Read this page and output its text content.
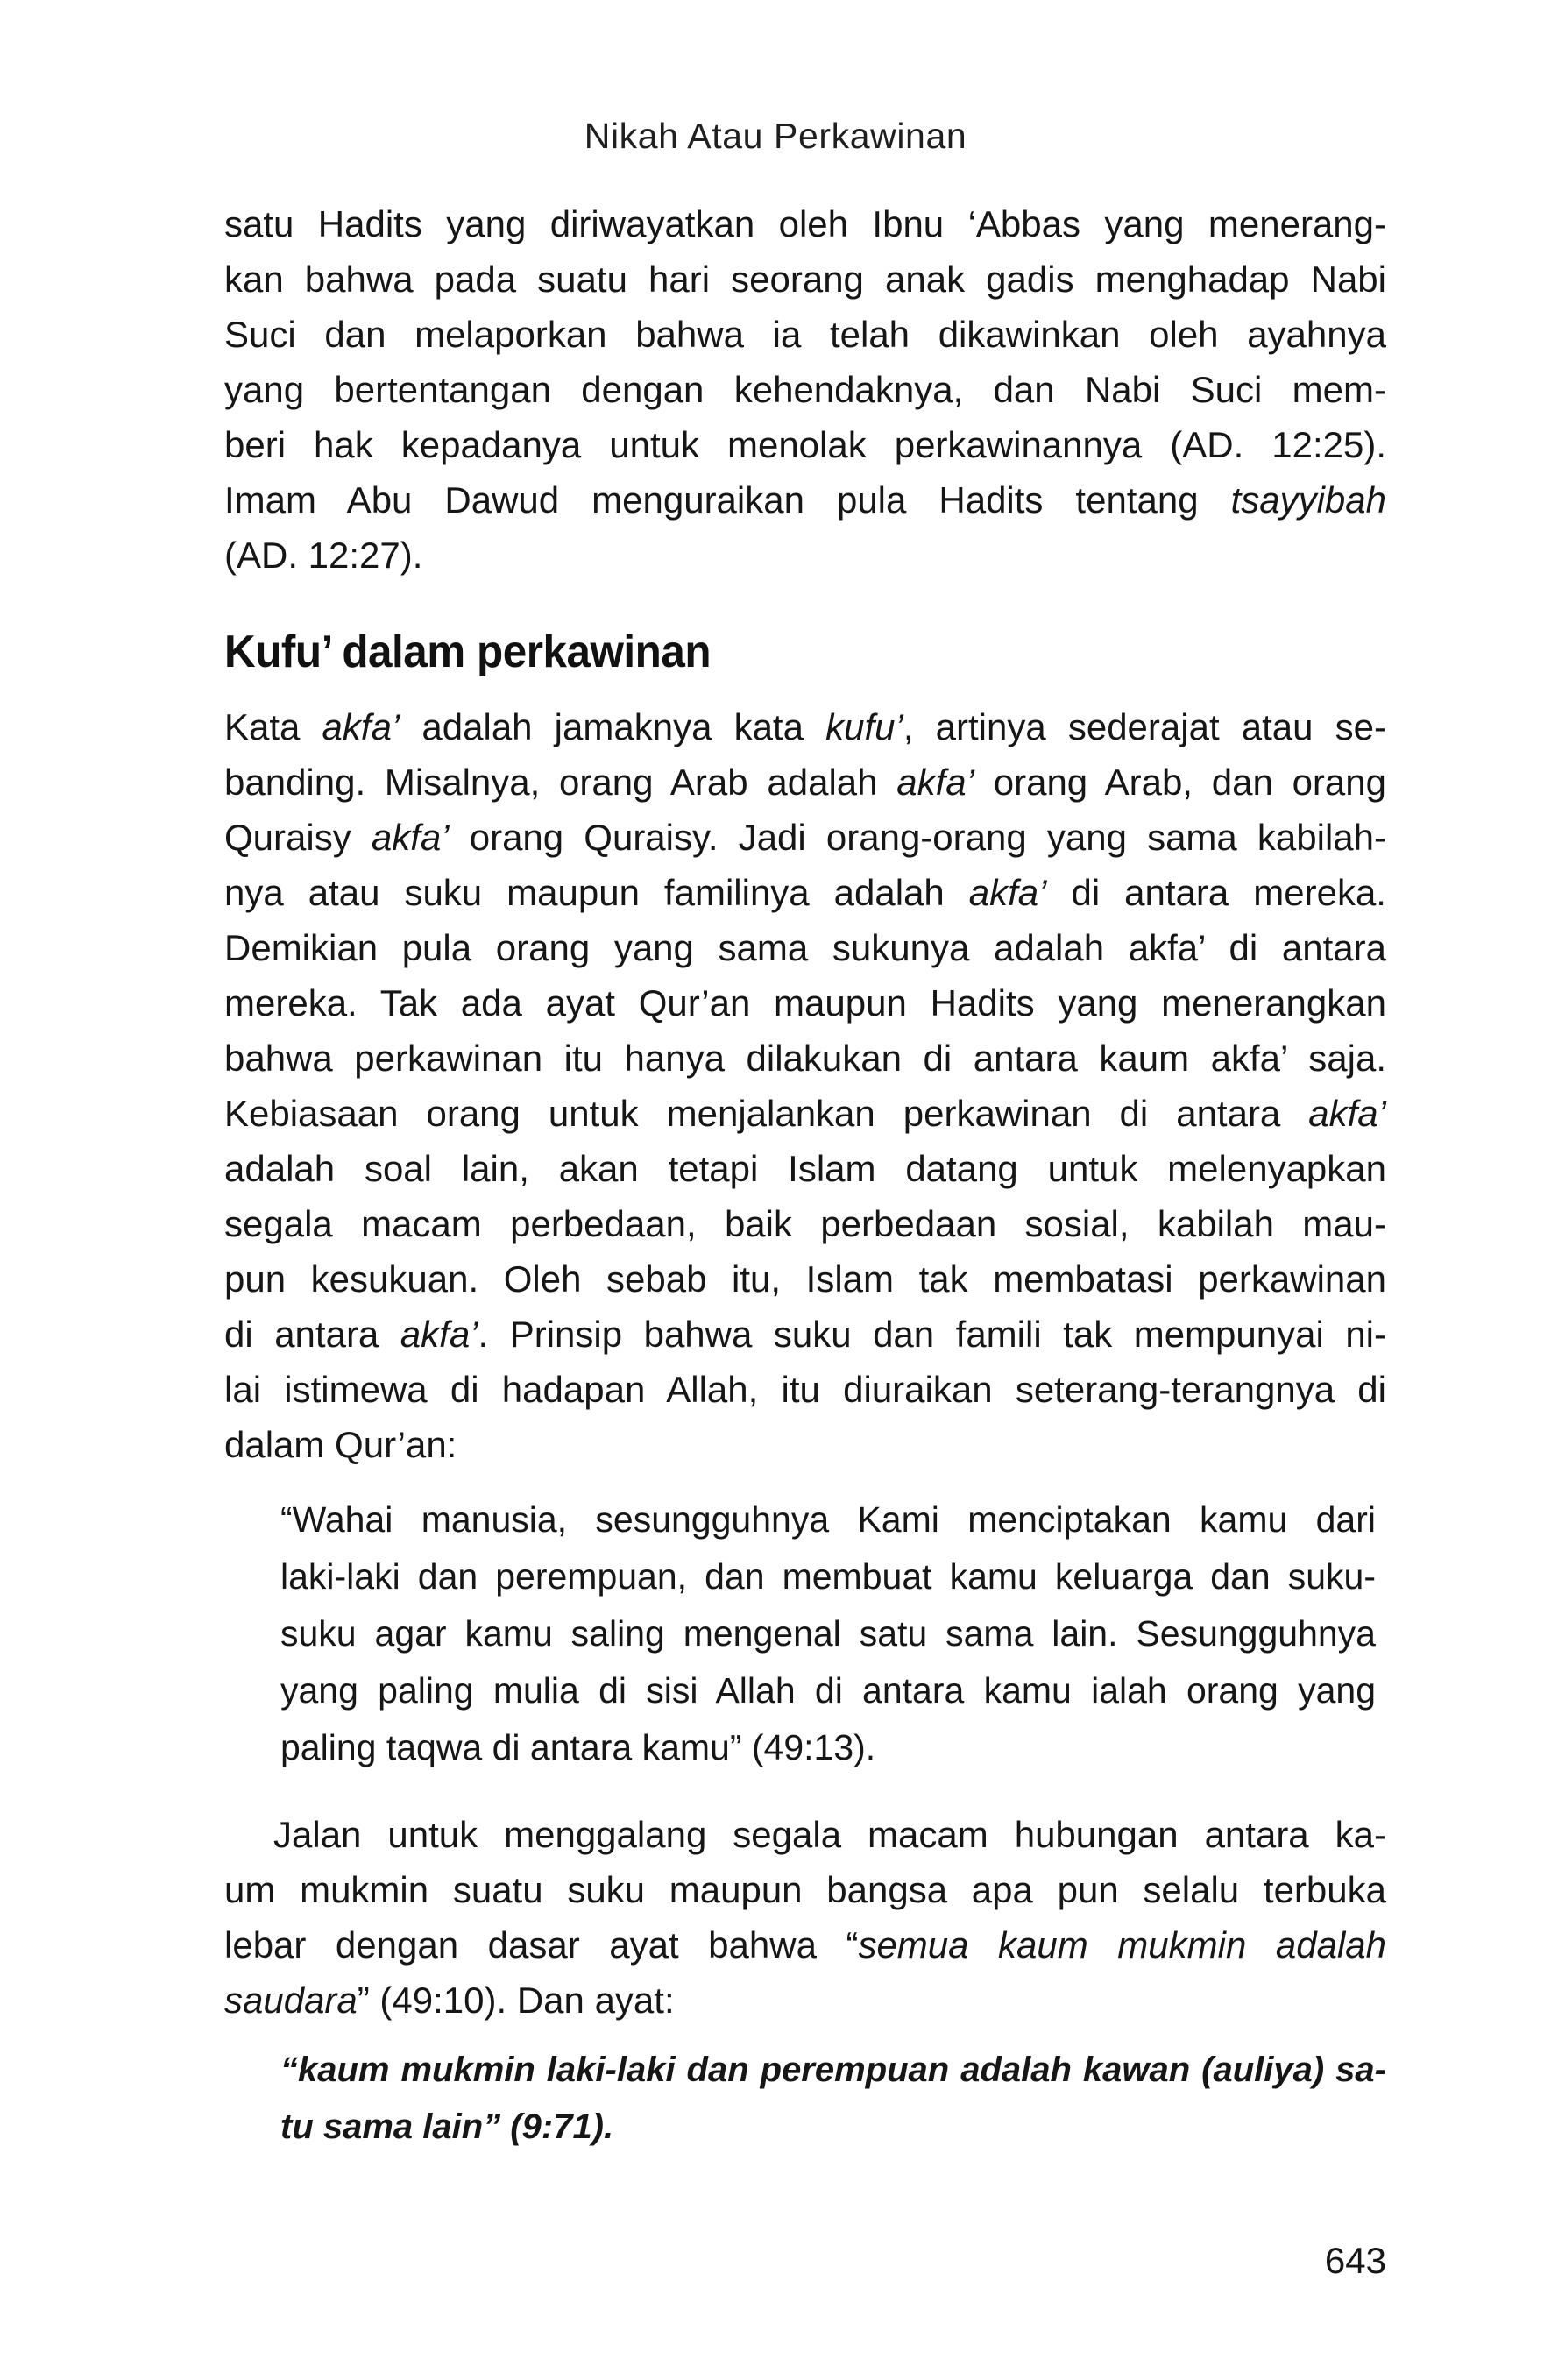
Nikah Atau Perkawinan
satu Hadits yang diriwayatkan oleh Ibnu ‘Abbas yang menerang-
kan bahwa pada suatu hari seorang anak gadis menghadap Nabi
Suci dan melaporkan bahwa ia telah dikawinkan oleh ayahnya
yang bertentangan dengan kehendaknya, dan Nabi Suci mem-
beri hak kepadanya untuk menolak perkawinannya (AD. 12:25).
Imam Abu Dawud menguraikan pula Hadits tentang tsayyibah
(AD. 12:27).
Kufu’ dalam perkawinan
Kata akfa’ adalah jamaknya kata kufu’, artinya sederajat atau se-
banding. Misalnya, orang Arab adalah akfa’ orang Arab, dan orang
Quraisy akfa’ orang Quraisy. Jadi orang-orang yang sama kabilah-
nya atau suku maupun familinya adalah akfa’ di antara mereka.
Demikian pula orang yang sama sukunya adalah akfa’ di antara
mereka. Tak ada ayat Qur’an maupun Hadits yang menerangkan
bahwa perkawinan itu hanya dilakukan di antara kaum akfa’ saja.
Kebiasaan orang untuk menjalankan perkawinan di antara akfa’
adalah soal lain, akan tetapi Islam datang untuk melenyapkan
segala macam perbedaan, baik perbedaan sosial, kabilah mau-
pun kesukuan. Oleh sebab itu, Islam tak membatasi perkawinan
di antara akfa’. Prinsip bahwa suku dan famili tak mempunyai ni-
lai istimewa di hadapan Allah, itu diuraikan seterang-terangnya di
dalam Qur’an:
“Wahai manusia, sesungguhnya Kami menciptakan kamu dari
laki-laki dan perempuan, dan membuat kamu keluarga dan suku-
suku agar kamu saling mengenal satu sama lain. Sesungguhnya
yang paling mulia di sisi Allah di antara kamu ialah orang yang
paling taqwa di antara kamu” (49:13).
Jalan untuk menggalang segala macam hubungan antara ka-
um mukmin suatu suku maupun bangsa apa pun selalu terbuka
lebar dengan dasar ayat bahwa “semua kaum mukmin adalah
saudara” (49:10). Dan ayat:
“kaum mukmin laki-laki dan perempuan adalah kawan (auliya) sa-
tu sama lain” (9:71).
643
